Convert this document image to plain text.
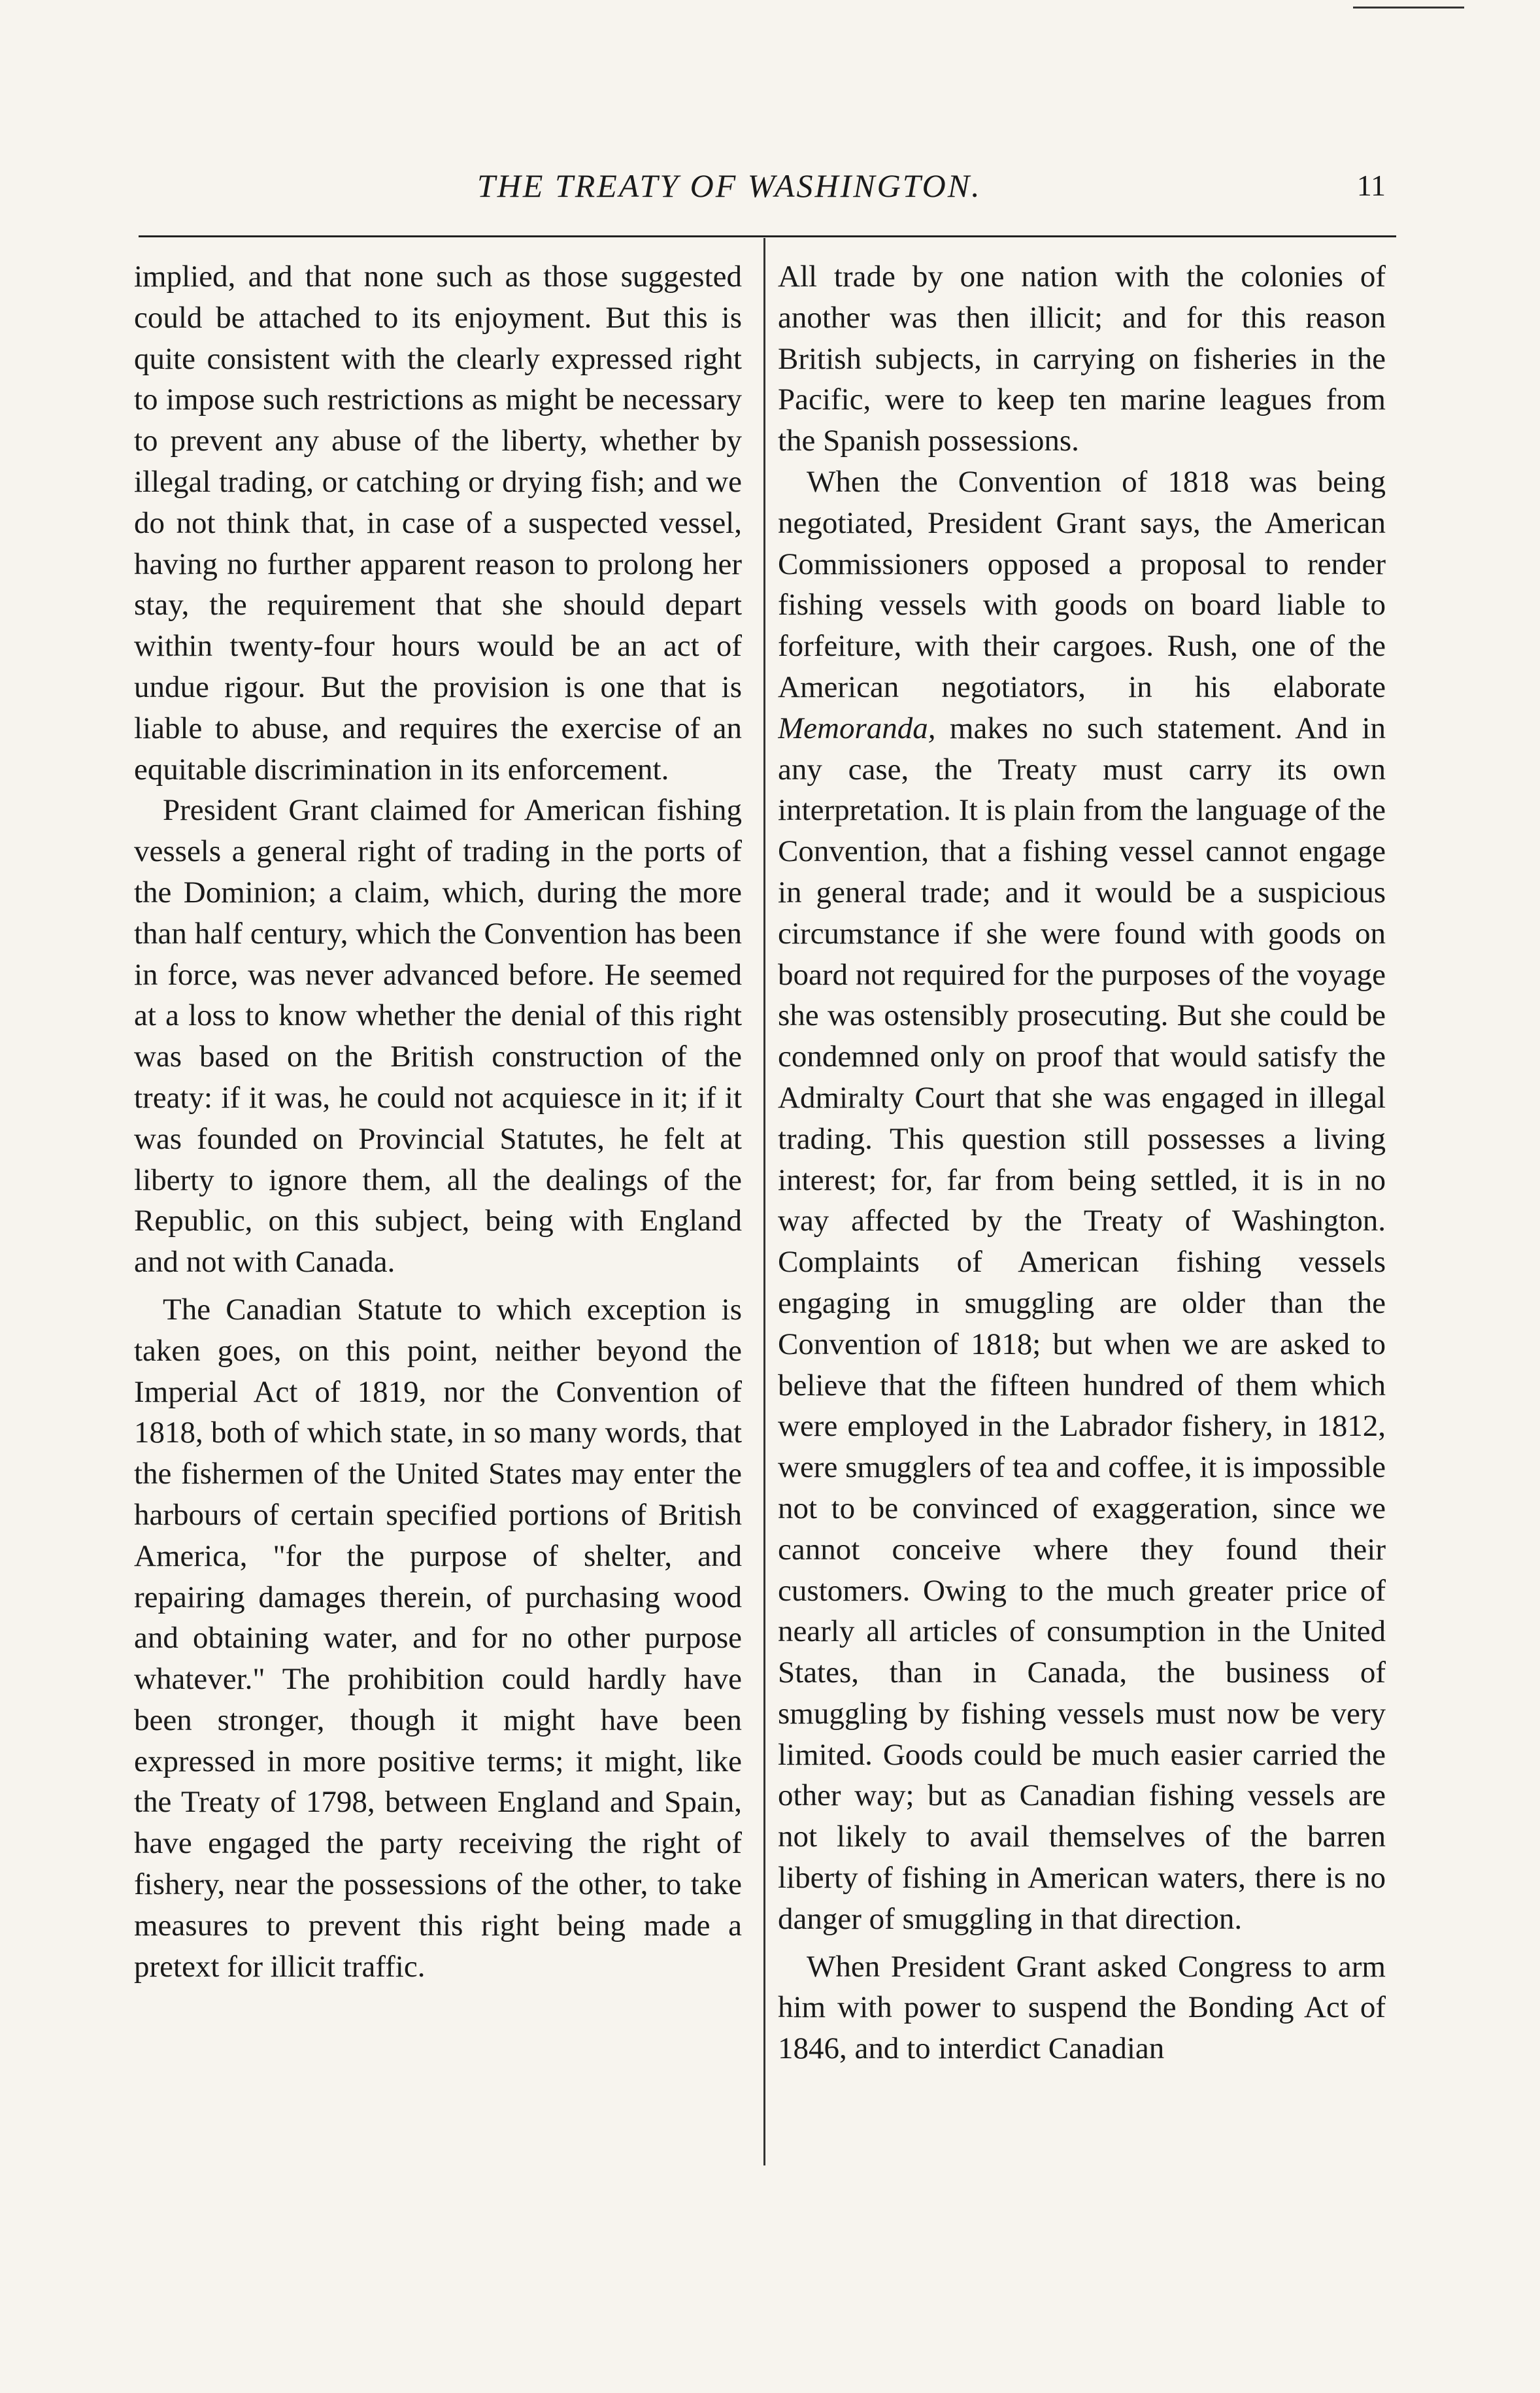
THE TREATY OF WASHINGTON.	11

implied, and that none such as those suggested could be attached to its enjoyment. But this is quite consistent with the clearly expressed right to impose such restrictions as might be necessary to prevent any abuse of the liberty, whether by illegal trading, or catching or drying fish; and we do not think that, in case of a suspected vessel, having no further apparent reason to prolong her stay, the requirement that she should depart within twenty-four hours would be an act of undue rigour. But the provision is one that is liable to abuse, and requires the exercise of an equitable discrimination in its enforcement.

President Grant claimed for American fishing vessels a general right of trading in the ports of the Dominion; a claim, which, during the more than half century, which the Convention has been in force, was never advanced before. He seemed at a loss to know whether the denial of this right was based on the British construction of the treaty: if it was, he could not acquiesce in it; if it was founded on Provincial Statutes, he felt at liberty to ignore them, all the dealings of the Republic, on this subject, being with England and not with Canada.

The Canadian Statute to which exception is taken goes, on this point, neither beyond the Imperial Act of 1819, nor the Convention of 1818, both of which state, in so many words, that the fishermen of the United States may enter the harbours of certain specified portions of British America, "for the purpose of shelter, and repairing damages therein, of purchasing wood and obtaining water, and for no other purpose whatever." The prohibition could hardly have been stronger, though it might have been expressed in more positive terms; it might, like the Treaty of 1798, between England and Spain, have engaged the party receiving the right of fishery, near the possessions of the other, to take measures to prevent this right being made a pretext for illicit traffic.

All trade by one nation with the colonies of another was then illicit; and for this reason British subjects, in carrying on fisheries in the Pacific, were to keep ten marine leagues from the Spanish possessions.

When the Convention of 1818 was being negotiated, President Grant says, the American Commissioners opposed a proposal to render fishing vessels with goods on board liable to forfeiture, with their cargoes. Rush, one of the American negotiators, in his elaborate Memoranda, makes no such statement. And in any case, the Treaty must carry its own interpretation. It is plain from the language of the Convention, that a fishing vessel cannot engage in general trade; and it would be a suspicious circumstance if she were found with goods on board not required for the purposes of the voyage she was ostensibly prosecuting. But she could be condemned only on proof that would satisfy the Admiralty Court that she was engaged in illegal trading. This question still possesses a living interest; for, far from being settled, it is in no way affected by the Treaty of Washington. Complaints of American fishing vessels engaging in smuggling are older than the Convention of 1818; but when we are asked to believe that the fifteen hundred of them which were employed in the Labrador fishery, in 1812, were smugglers of tea and coffee, it is impossible not to be convinced of exaggeration, since we cannot conceive where they found their customers. Owing to the much greater price of nearly all articles of consumption in the United States, than in Canada, the business of smuggling by fishing vessels must now be very limited. Goods could be much easier carried the other way; but as Canadian fishing vessels are not likely to avail themselves of the barren liberty of fishing in American waters, there is no danger of smuggling in that direction.

When President Grant asked Congress to arm him with power to suspend the Bonding Act of 1846, and to interdict Canadian
